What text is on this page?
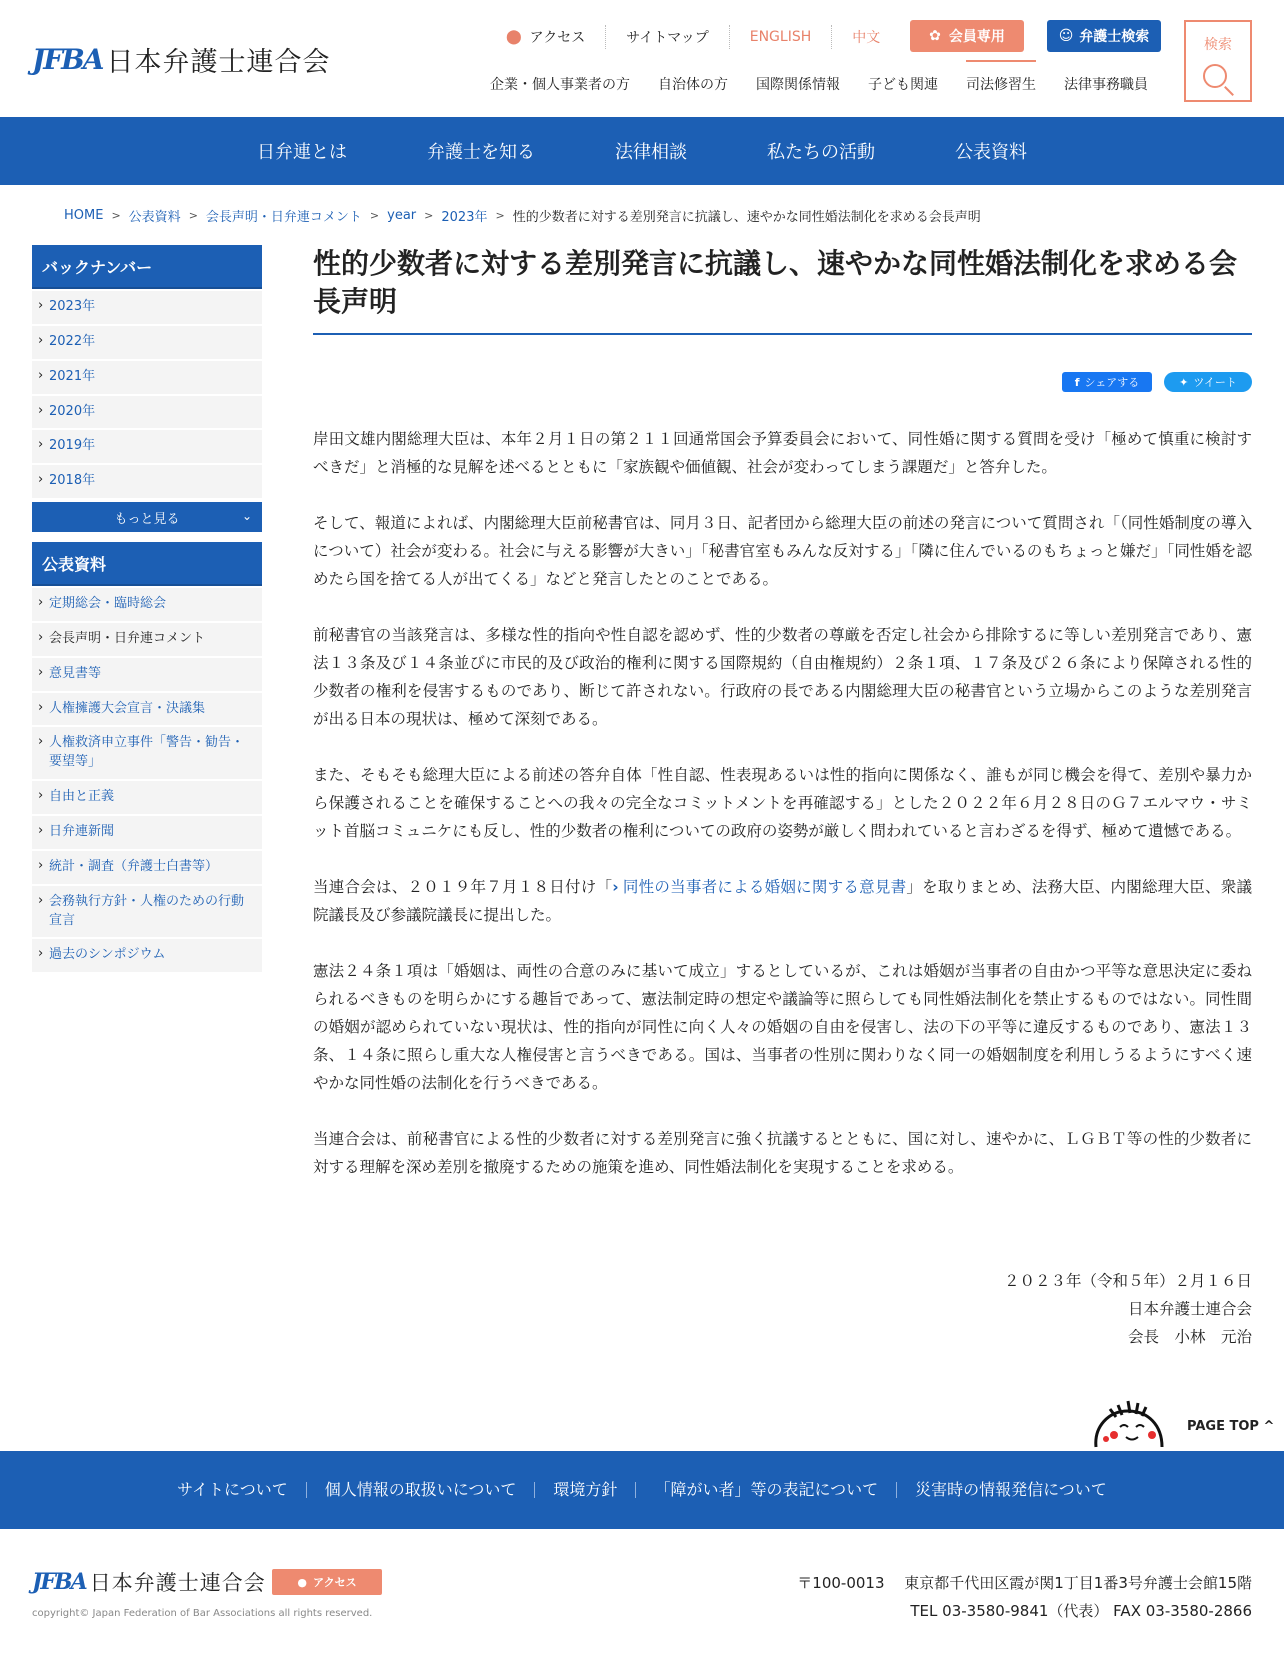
JFBA 日本弁護士連合会
⬤ アクセス	サイトマップ	ENGLISH	中文	✿ 会員専用	☺ 弁護士検索	検索
企業・個人事業者の方 自治体の方 国際関係情報 子ども関連 司法修習生 法律事務職員
日弁連とは	弁護士を知る	法律相談	私たちの活動	公表資料
HOME > 公表資料 > 会長声明・日弁連コメント > year > 2023年 > 性的少数者に対する差別発言に抗議し、速やかな同性婚法制化を求める会長声明
バックナンバー
› 2023年
› 2022年
› 2021年
› 2020年
› 2019年
› 2018年
もっと見る	⌄
公表資料
› 定期総会・臨時総会
› 会長声明・日弁連コメント
› 意見書等
› 人権擁護大会宣言・決議集
› 人権救済申立事件「警告・勧告・要望等」
› 自由と正義
› 日弁連新聞
› 統計・調査（弁護士白書等）
› 会務執行方針・人権のための行動宣言
› 過去のシンポジウム
性的少数者に対する差別発言に抗議し、速やかな同性婚法制化を求める会長声明
f シェアする	✦ ツイート

岸田文雄内閣総理大臣は、本年２月１日の第２１１回通常国会予算委員会において、同性婚に関する質問を受け「極めて慎重に検討すべきだ」と消極的な見解を述べるとともに「家族観や価値観、社会が変わってしまう課題だ」と答弁した。

そして、報道によれば、内閣総理大臣前秘書官は、同月３日、記者団から総理大臣の前述の発言について質問され「（同性婚制度の導入について）社会が変わる。社会に与える影響が大きい」「秘書官室もみんな反対する」「隣に住んでいるのもちょっと嫌だ」「同性婚を認めたら国を捨てる人が出てくる」などと発言したとのことである。

前秘書官の当該発言は、多様な性的指向や性自認を認めず、性的少数者の尊厳を否定し社会から排除するに等しい差別発言であり、憲法１３条及び１４条並びに市民的及び政治的権利に関する国際規約（自由権規約）２条１項、１７条及び２６条により保障される性的少数者の権利を侵害するものであり、断じて許されない。行政府の長である内閣総理大臣の秘書官という立場からこのような差別発言が出る日本の現状は、極めて深刻である。

また、そもそも総理大臣による前述の答弁自体「性自認、性表現あるいは性的指向に関係なく、誰もが同じ機会を得て、差別や暴力から保護されることを確保することへの我々の完全なコミットメントを再確認する」とした２０２２年６月２８日のＧ７エルマウ・サミット首脳コミュニケにも反し、性的少数者の権利についての政府の姿勢が厳しく問われていると言わざるを得ず、極めて遺憾である。

当連合会は、２０１９年７月１８日付け「› 同性の当事者による婚姻に関する意見書」を取りまとめ、法務大臣、内閣総理大臣、衆議院議長及び参議院議長に提出した。

憲法２４条１項は「婚姻は、両性の合意のみに基いて成立」するとしているが、これは婚姻が当事者の自由かつ平等な意思決定に委ねられるべきものを明らかにする趣旨であって、憲法制定時の想定や議論等に照らしても同性婚法制化を禁止するものではない。同性間の婚姻が認められていない現状は、性的指向が同性に向く人々の婚姻の自由を侵害し、法の下の平等に違反するものであり、憲法１３条、１４条に照らし重大な人権侵害と言うべきである。国は、当事者の性別に関わりなく同一の婚姻制度を利用しうるようにすべく速やかな同性婚の法制化を行うべきである。

当連合会は、前秘書官による性的少数者に対する差別発言に強く抗議するとともに、国に対し、速やかに、ＬＧＢＴ等の性的少数者に対する理解を深め差別を撤廃するための施策を進め、同性婚法制化を実現することを求める。

２０２３年（令和５年）２月１６日
日本弁護士連合会
会長　小林　元治
PAGE TOP ^
サイトについて	個人情報の取扱いについて	環境方針	「障がい者」等の表記について	災害時の情報発信について
JFBA 日本弁護士連合会	● アクセス
copyright© Japan Federation of Bar Associations all rights reserved.
〒100-0013　 東京都千代田区霞が関1丁目1番3号弁護士会館15階
TEL 03-3580-9841（代表） FAX 03-3580-2866
